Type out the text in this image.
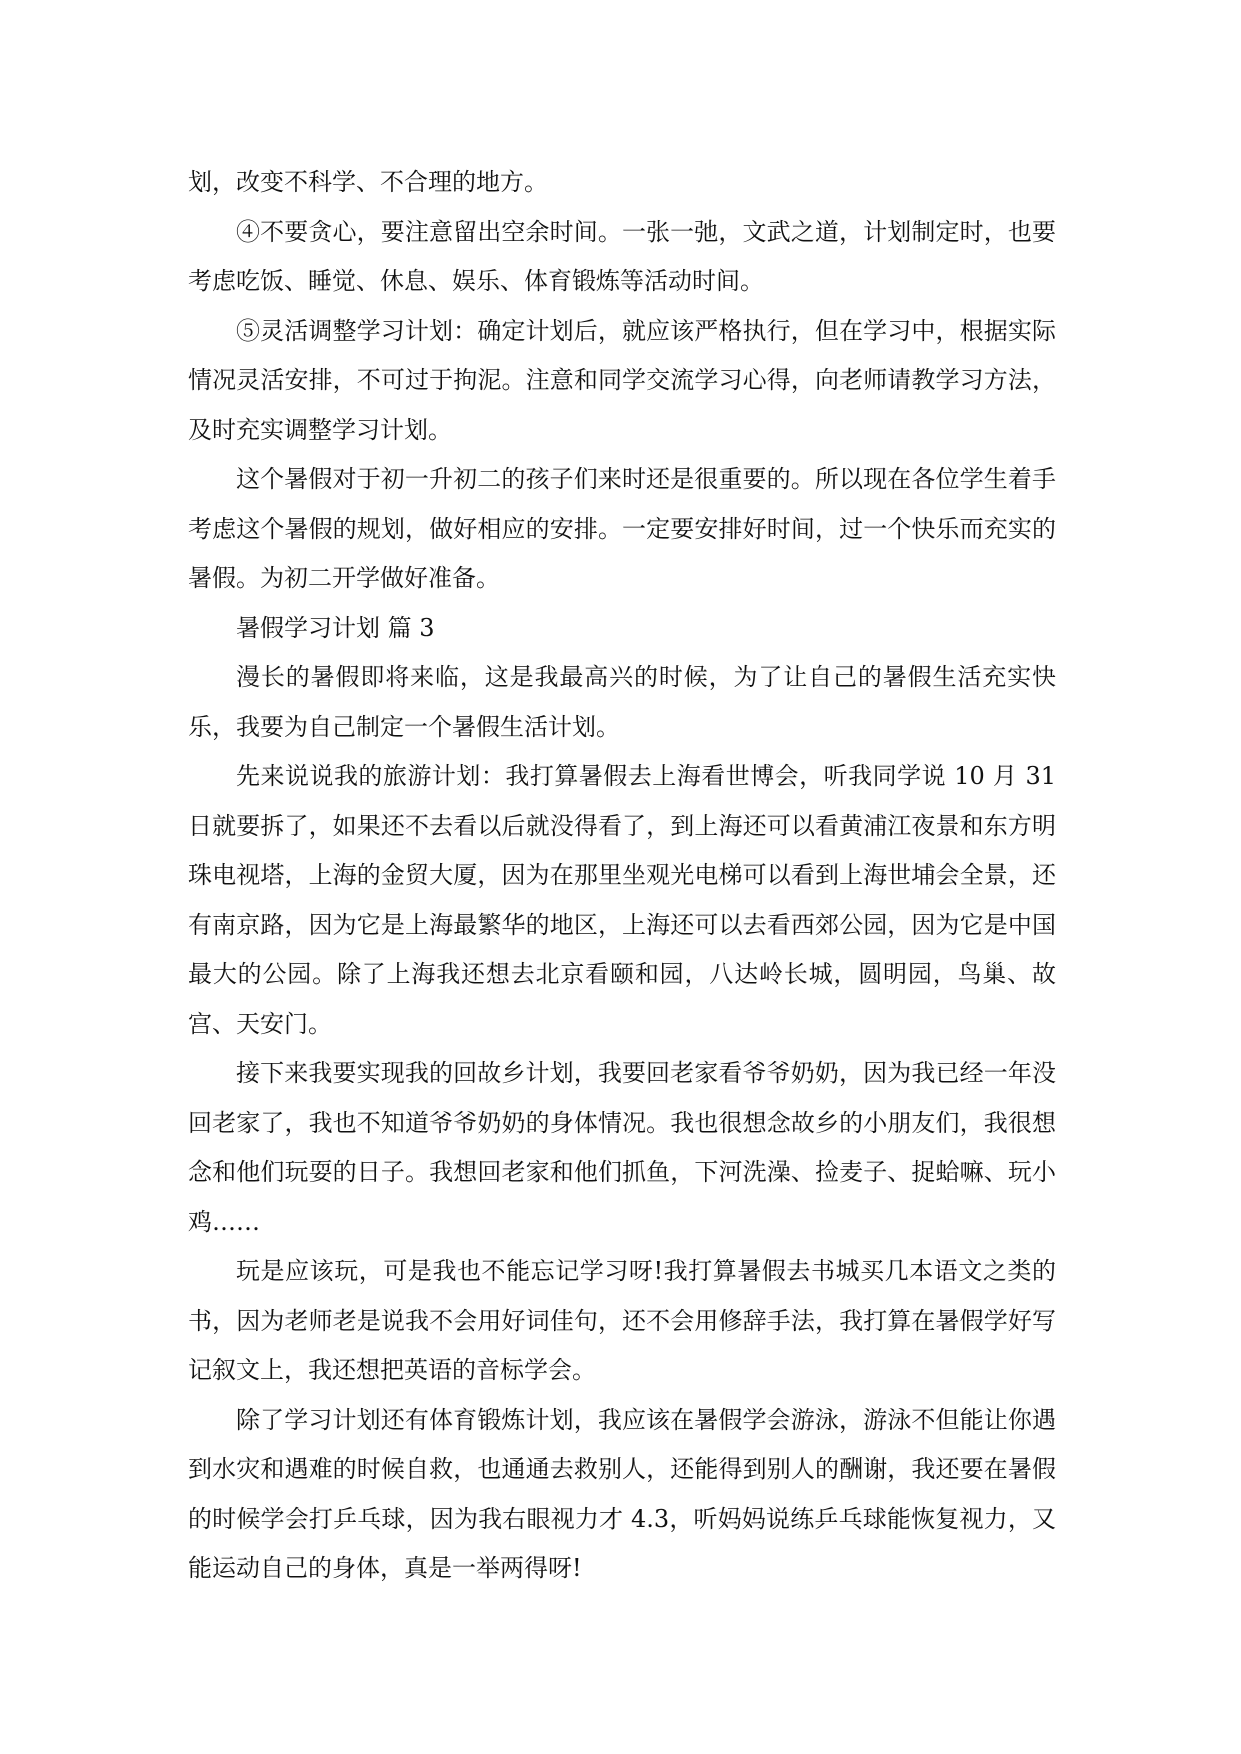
划，改变不科学、不合理的地方。

④不要贪心，要注意留出空余时间。一张一弛，文武之道，计划制定时，也要考虑吃饭、睡觉、休息、娱乐、体育锻炼等活动时间。

⑤灵活调整学习计划：确定计划后，就应该严格执行，但在学习中，根据实际情况灵活安排，不可过于拘泥。注意和同学交流学习心得，向老师请教学习方法，及时充实调整学习计划。

这个暑假对于初一升初二的孩子们来时还是很重要的。所以现在各位学生着手考虑这个暑假的规划，做好相应的安排。一定要安排好时间，过一个快乐而充实的暑假。为初二开学做好准备。

暑假学习计划 篇 3

漫长的暑假即将来临，这是我最高兴的时候，为了让自己的暑假生活充实快乐，我要为自己制定一个暑假生活计划。

先来说说我的旅游计划：我打算暑假去上海看世博会，听我同学说 10 月 31 日就要拆了，如果还不去看以后就没得看了，到上海还可以看黄浦江夜景和东方明珠电视塔，上海的金贸大厦，因为在那里坐观光电梯可以看到上海世埔会全景，还有南京路，因为它是上海最繁华的地区，上海还可以去看西郊公园，因为它是中国最大的公园。除了上海我还想去北京看颐和园，八达岭长城，圆明园，鸟巢、故宫、天安门。

接下来我要实现我的回故乡计划，我要回老家看爷爷奶奶，因为我已经一年没回老家了，我也不知道爷爷奶奶的身体情况。我也很想念故乡的小朋友们，我很想念和他们玩耍的日子。我想回老家和他们抓鱼，下河洗澡、捡麦子、捉蛤嘛、玩小鸡……

玩是应该玩，可是我也不能忘记学习呀!我打算暑假去书城买几本语文之类的书，因为老师老是说我不会用好词佳句，还不会用修辞手法，我打算在暑假学好写记叙文上，我还想把英语的音标学会。

除了学习计划还有体育锻炼计划，我应该在暑假学会游泳，游泳不但能让你遇到水灾和遇难的时候自救，也通通去救别人，还能得到别人的酬谢，我还要在暑假的时候学会打乒乓球，因为我右眼视力才 4.3，听妈妈说练乒乓球能恢复视力，又能运动自己的身体，真是一举两得呀!
